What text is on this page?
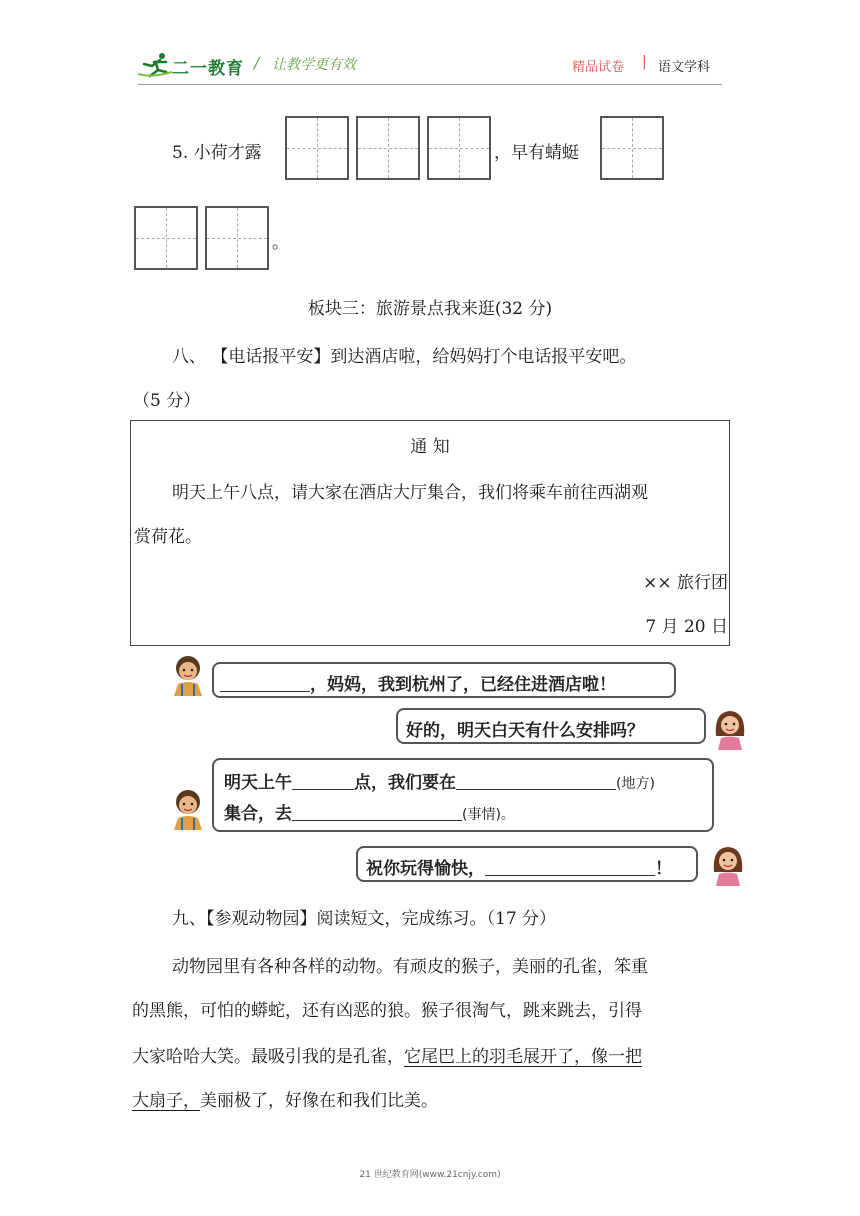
二一教育 / 让教学更有效	精品试卷 | 语文学科
5. 小荷才露	，早有蜻蜓
。
板块三：旅游景点我来逛(32 分)
八、 【电话报平安】到达酒店啦，给妈妈打个电话报平安吧。
（5 分）
通 知
明天上午八点，请大家在酒店大厅集合，我们将乘车前往西湖观
赏荷花。
×× 旅行团
7 月 20 日
，妈妈，我到杭州了，已经住进酒店啦！
好的，明天白天有什么安排吗？
明天上午	点，我们要在	(地方)
集合，去	(事情)。
祝你玩得愉快，	！
九、【参观动物园】阅读短文，完成练习。（17 分）
动物园里有各种各样的动物。有顽皮的猴子，美丽的孔雀，笨重
的黑熊，可怕的蟒蛇，还有凶恶的狼。猴子很淘气，跳来跳去，引得
大家哈哈大笑。最吸引我的是孔雀，它尾巴上的羽毛展开了，像一把
大扇子，美丽极了，好像在和我们比美。
21 世纪教育网(www.21cnjy.com)
